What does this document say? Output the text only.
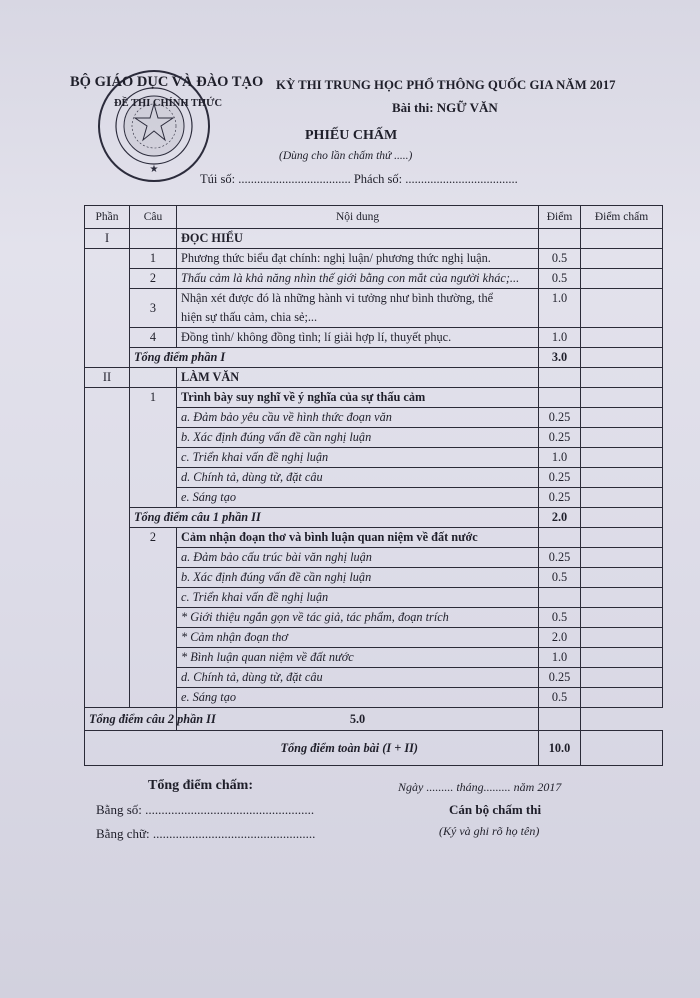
★
BỘ GIÁO DỤC VÀ ĐÀO TẠO
ĐỀ THI CHÍNH THỨC
KỲ THI TRUNG HỌC PHỔ THÔNG QUỐC GIA NĂM 2017
Bài thi: NGỮ VĂN
PHIẾU CHẤM
(Dùng cho lần chấm thứ .....)
Túi số: .................................... Phách số: ....................................
Phần	Câu	Nội dung	Điểm	Điểm chấm
I		ĐỌC HIỂU		
	1	Phương thức biểu đạt chính: nghị luận/ phương thức nghị luận.	0.5	
	2	Thấu cảm là khả năng nhìn thế giới bằng con mắt của người khác;...	0.5	
	3	Nhận xét được đó là những hành vi tưởng như bình thường, thể
hiện sự thấu cảm, chia sẻ;...	1.0	
	4	Đồng tình/ không đồng tình; lí giải hợp lí, thuyết phục.	1.0	
	Tổng điểm phần I		3.0	
II		LÀM VĂN		
	1	Trình bày suy nghĩ về ý nghĩa của sự thấu cảm		
		a. Đảm bảo yêu cầu về hình thức đoạn văn	0.25	
		b. Xác định đúng vấn đề cần nghị luận	0.25	
		c. Triển khai vấn đề nghị luận	1.0	
		d. Chính tả, dùng từ, đặt câu	0.25	
		e. Sáng tạo	0.25	
	Tổng điểm câu 1 phần II		2.0	
	2	Cảm nhận đoạn thơ và bình luận quan niệm về đất nước		
		a. Đảm bảo cấu trúc bài văn nghị luận	0.25	
		b. Xác định đúng vấn đề cần nghị luận	0.5	
		c. Triển khai vấn đề nghị luận		
		* Giới thiệu ngắn gọn về tác giả, tác phẩm, đoạn trích	0.5	
		* Cảm nhận đoạn thơ	2.0	
		* Bình luận quan niệm về đất nước	1.0	
		d. Chính tả, dùng từ, đặt câu	0.25	
		e. Sáng tạo	0.5	
Tổng điểm câu 2 phần II		5.0		
Tổng điểm toàn bài (I + II)			10.0	
Tổng điểm chấm:	Ngày ......... tháng......... năm 2017
Bằng số: ....................................................	Cán bộ chấm thi
Bằng chữ: ..................................................	(Ký và ghi rõ họ tên)
